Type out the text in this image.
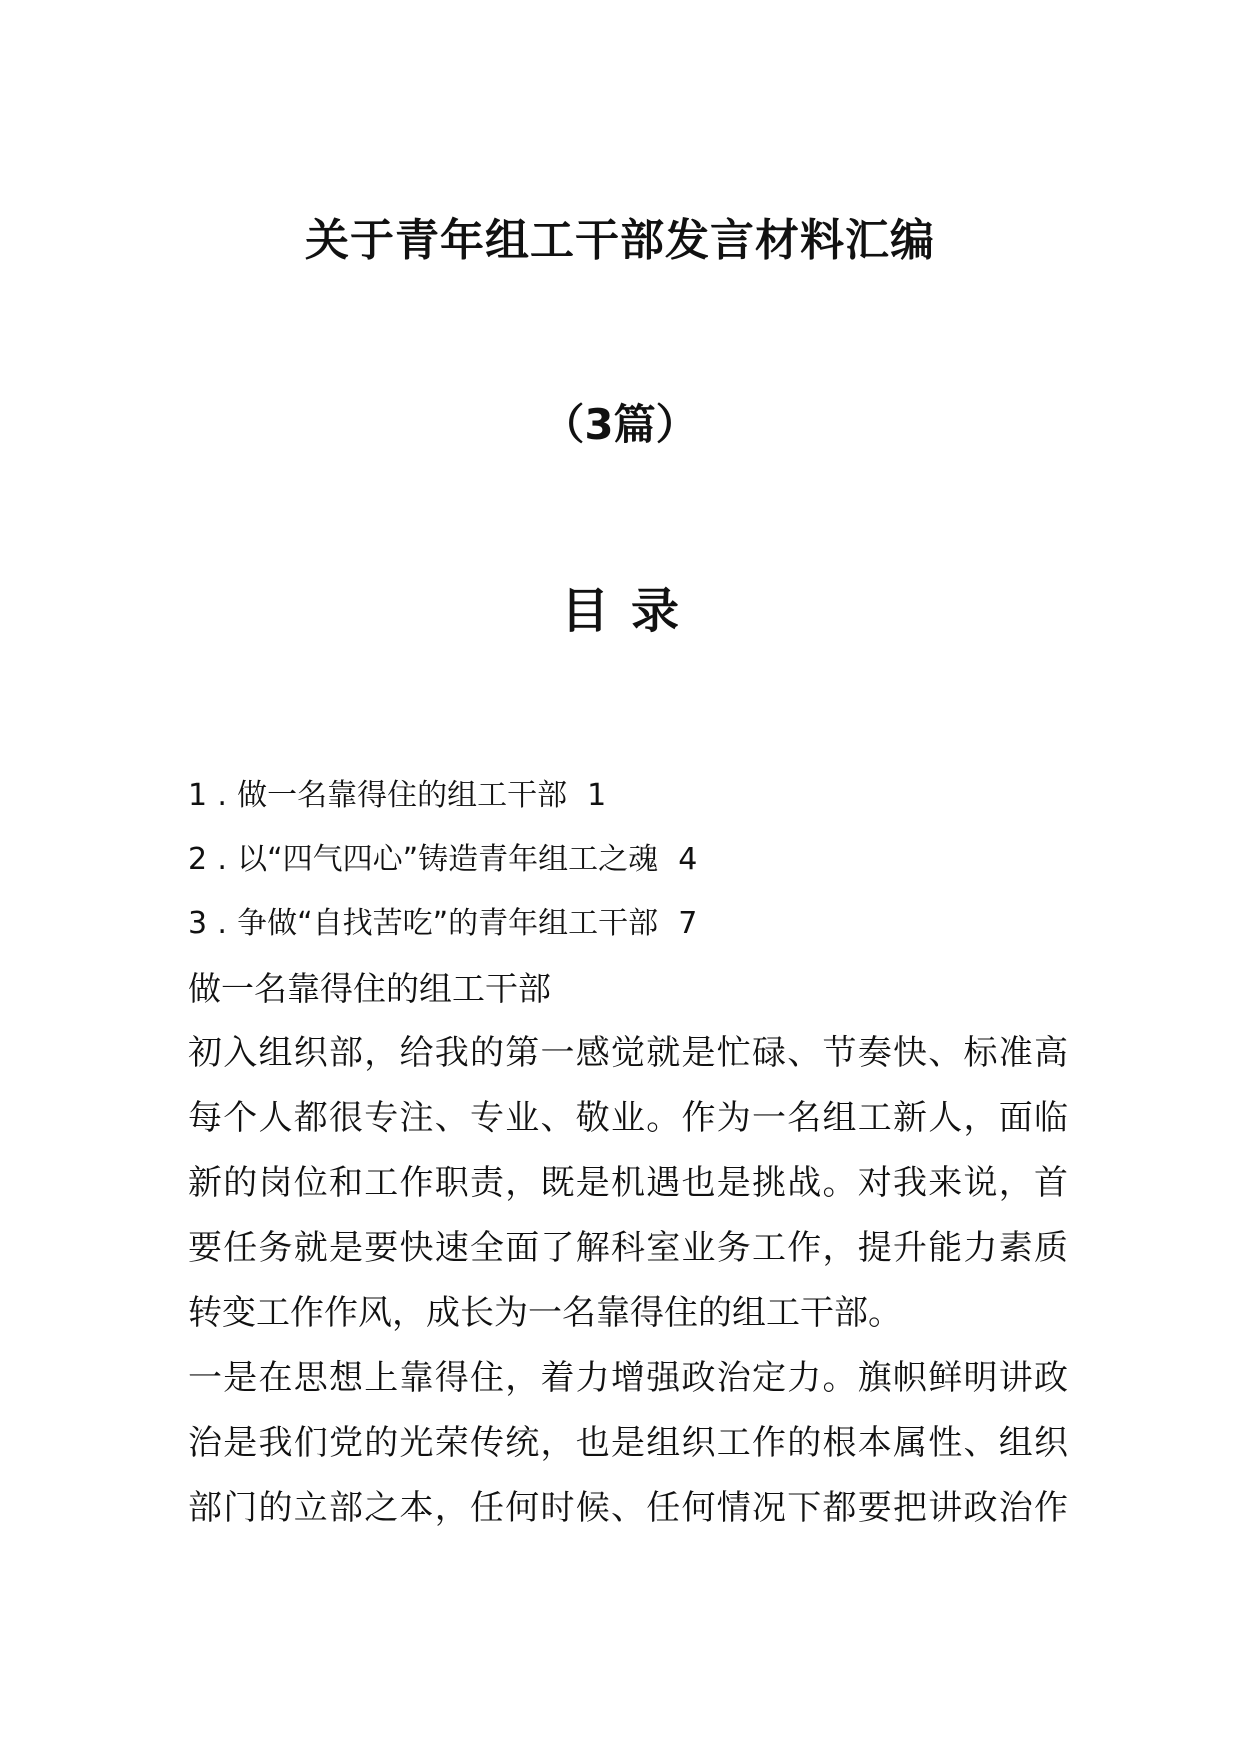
关于青年组工干部发言材料汇编
（3篇）
目录
1 . 做一名靠得住的组工干部 1
2 . 以“四气四心”铸造青年组工之魂 4
3 . 争做“自找苦吃”的青年组工干部 7
做一名靠得住的组工干部
初入组织部，给我的第一感觉就是忙碌、节奏快、标准高
每个人都很专注、专业、敬业。作为一名组工新人，面临
新的岗位和工作职责，既是机遇也是挑战。对我来说，首
要任务就是要快速全面了解科室业务工作，提升能力素质
转变工作作风，成长为一名靠得住的组工干部。
一是在思想上靠得住，着力增强政治定力。旗帜鲜明讲政
治是我们党的光荣传统，也是组织工作的根本属性、组织
部门的立部之本，任何时候、任何情况下都要把讲政治作
